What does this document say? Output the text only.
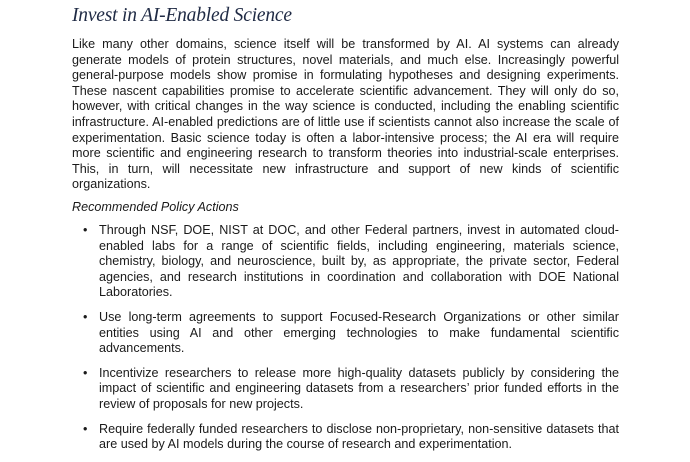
Invest in AI-Enabled Science

Like many other domains, science itself will be transformed by AI. AI systems can already generate models of protein structures, novel materials, and much else. Increasingly powerful general-purpose models show promise in formulating hypotheses and designing experiments. These nascent capabilities promise to accelerate scientific advancement. They will only do so, however, with critical changes in the way science is conducted, including the enabling scientific infrastructure. AI-enabled predictions are of little use if scientists cannot also increase the scale of experimentation. Basic science today is often a labor-intensive process; the AI era will require more scientific and engineering research to transform theories into industrial-scale enterprises. This, in turn, will necessitate new infrastructure and support of new kinds of scientific organizations.

Recommended Policy Actions
• Through NSF, DOE, NIST at DOC, and other Federal partners, invest in automated cloud-enabled labs for a range of scientific fields, including engineering, materials science, chemistry, biology, and neuroscience, built by, as appropriate, the private sector, Federal agencies, and research institutions in coordination and collaboration with DOE National Laboratories.
• Use long-term agreements to support Focused-Research Organizations or other similar entities using AI and other emerging technologies to make fundamental scientific advancements.
• Incentivize researchers to release more high-quality datasets publicly by considering the impact of scientific and engineering datasets from a researchers’ prior funded efforts in the review of proposals for new projects.
• Require federally funded researchers to disclose non-proprietary, non-sensitive datasets that are used by AI models during the course of research and experimentation.
